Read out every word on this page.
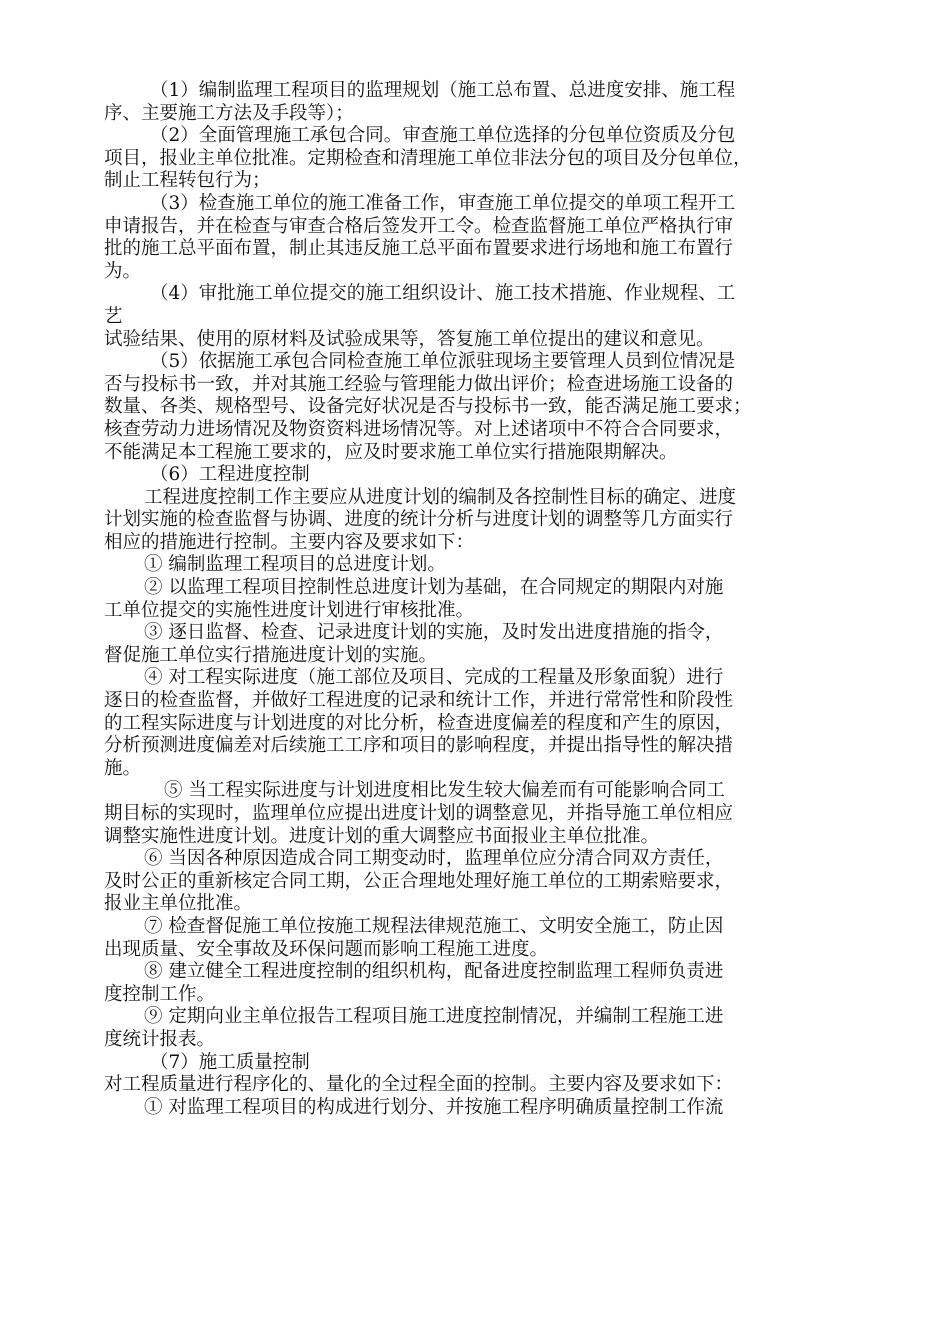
（1）编制监理工程项目的监理规划（施工总布置、总进度安排、施工程
序、主要施工方法及手段等）；
（2）全面管理施工承包合同。审查施工单位选择的分包单位资质及分包
项目，报业主单位批准。定期检查和清理施工单位非法分包的项目及分包单位，
制止工程转包行为；
（3）检查施工单位的施工准备工作，审查施工单位提交的单项工程开工
申请报告，并在检查与审查合格后签发开工令。检查监督施工单位严格执行审
批的施工总平面布置，制止其违反施工总平面布置要求进行场地和施工布置行
为。
（4）审批施工单位提交的施工组织设计、施工技术措施、作业规程、工
艺
试验结果、使用的原材料及试验成果等，答复施工单位提出的建议和意见。
（5）依据施工承包合同检查施工单位派驻现场主要管理人员到位情况是
否与投标书一致，并对其施工经验与管理能力做出评价；检查进场施工设备的
数量、各类、规格型号、设备完好状况是否与投标书一致，能否满足施工要求；
核查劳动力进场情况及物资资料进场情况等。对上述诸项中不符合合同要求，
不能满足本工程施工要求的，应及时要求施工单位实行措施限期解决。
（6）工程进度控制
工程进度控制工作主要应从进度计划的编制及各控制性目标的确定、进度
计划实施的检查监督与协调、进度的统计分析与进度计划的调整等几方面实行
相应的措施进行控制。主要内容及要求如下：
① 编制监理工程项目的总进度计划。
② 以监理工程项目控制性总进度计划为基础，在合同规定的期限内对施
工单位提交的实施性进度计划进行审核批准。
③ 逐日监督、检查、记录进度计划的实施，及时发出进度措施的指令，
督促施工单位实行措施进度计划的实施。
④ 对工程实际进度（施工部位及项目、完成的工程量及形象面貌）进行
逐日的检查监督，并做好工程进度的记录和统计工作，并进行常常性和阶段性
的工程实际进度与计划进度的对比分析，检查进度偏差的程度和产生的原因，
分析预测进度偏差对后续施工工序和项目的影响程度，并提出指导性的解决措
施。
⑤ 当工程实际进度与计划进度相比发生较大偏差而有可能影响合同工
期目标的实现时，监理单位应提出进度计划的调整意见，并指导施工单位相应
调整实施性进度计划。进度计划的重大调整应书面报业主单位批准。
⑥ 当因各种原因造成合同工期变动时，监理单位应分清合同双方责任，
及时公正的重新核定合同工期，公正合理地处理好施工单位的工期索赔要求，
报业主单位批准。
⑦ 检查督促施工单位按施工规程法律规范施工、文明安全施工，防止因
出现质量、安全事故及环保问题而影响工程施工进度。
⑧ 建立健全工程进度控制的组织机构，配备进度控制监理工程师负责进
度控制工作。
⑨ 定期向业主单位报告工程项目施工进度控制情况，并编制工程施工进
度统计报表。
（7）施工质量控制
对工程质量进行程序化的、量化的全过程全面的控制。主要内容及要求如下：
① 对监理工程项目的构成进行划分、并按施工程序明确质量控制工作流
